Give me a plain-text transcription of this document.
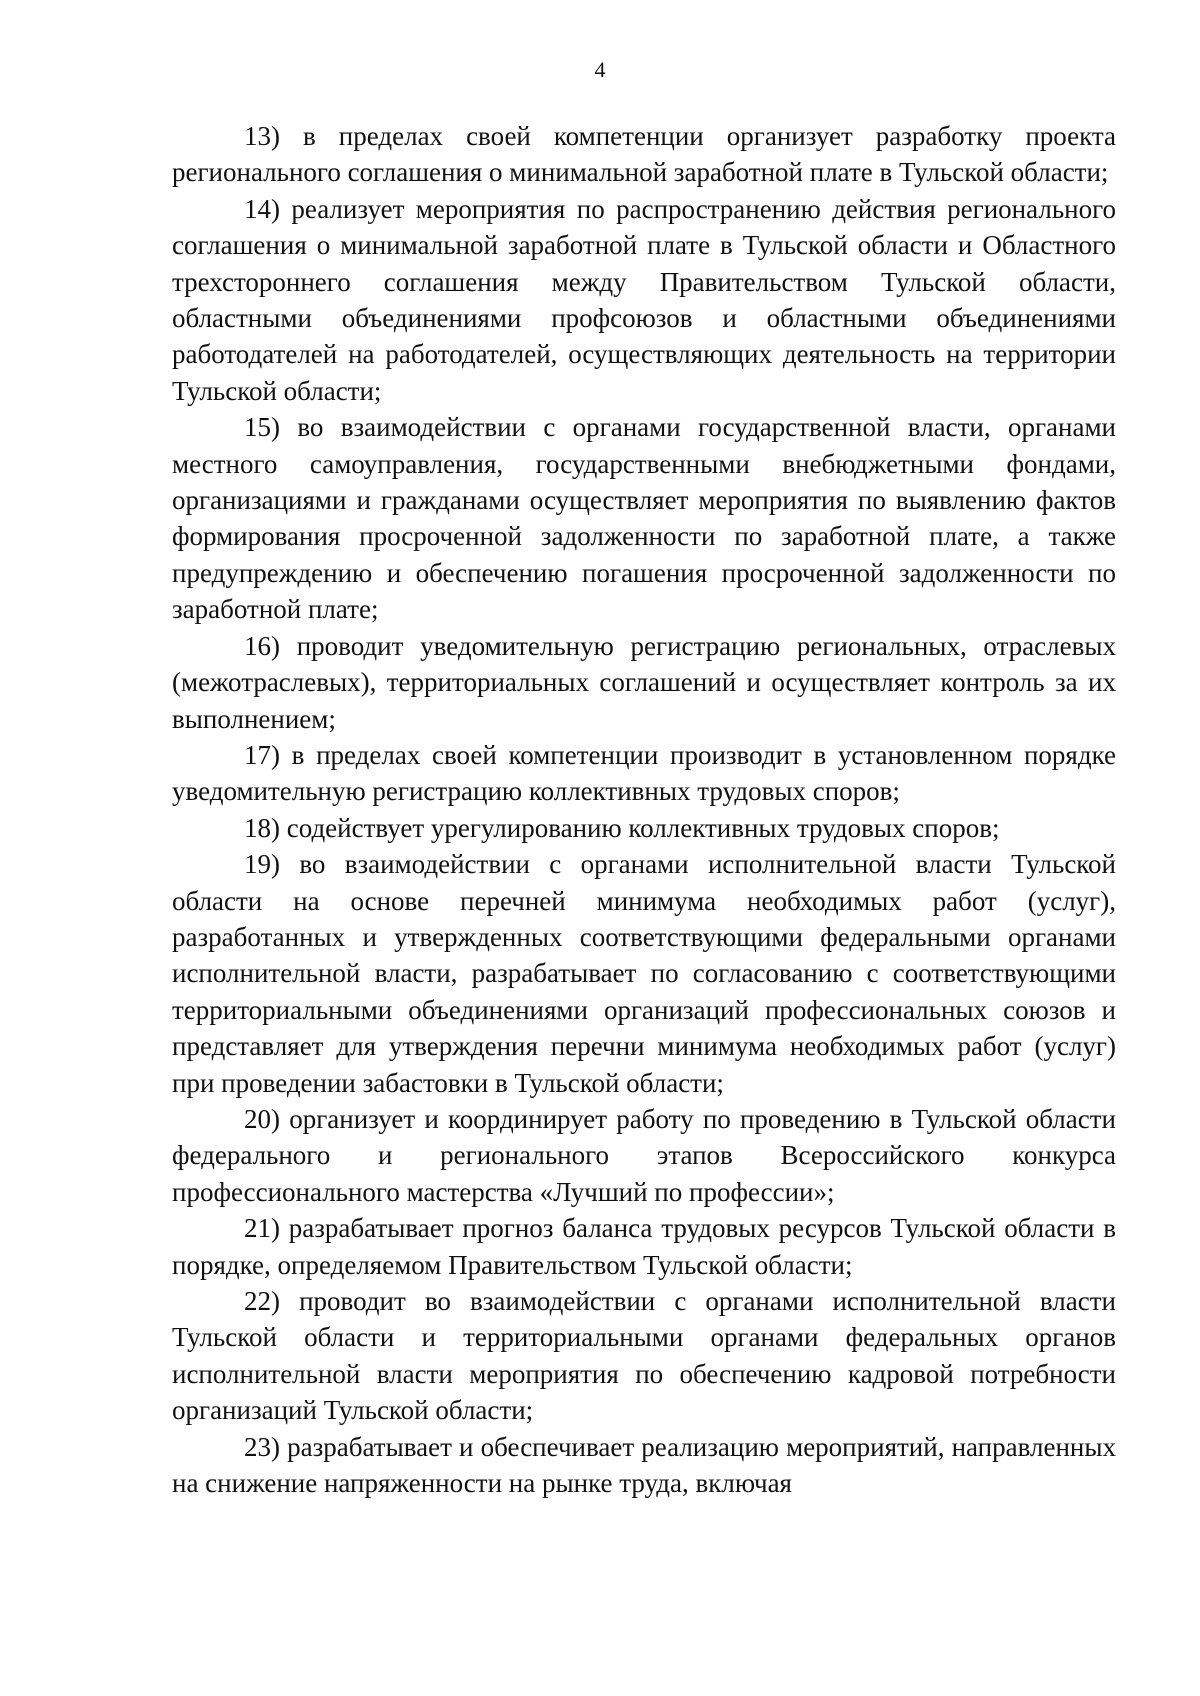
4

13) в пределах своей компетенции организует разработку проекта регионального соглашения о минимальной заработной плате в Тульской области;

14) реализует мероприятия по распространению действия регионального соглашения о минимальной заработной плате в Тульской области и Областного трехстороннего соглашения между Правительством Тульской области, областными объединениями профсоюзов и областными объединениями работодателей на работодателей, осуществляющих деятельность на территории Тульской области;

15) во взаимодействии с органами государственной власти, органами местного самоуправления, государственными внебюджетными фондами, организациями и гражданами осуществляет мероприятия по выявлению фактов формирования просроченной задолженности по заработной плате, а также предупреждению и обеспечению погашения просроченной задолженности по заработной плате;

16) проводит уведомительную регистрацию региональных, отраслевых (межотраслевых), территориальных соглашений и осуществляет контроль за их выполнением;

17) в пределах своей компетенции производит в установленном порядке уведомительную регистрацию коллективных трудовых споров;

18) содействует урегулированию коллективных трудовых споров;

19) во взаимодействии с органами исполнительной власти Тульской области на основе перечней минимума необходимых работ (услуг), разработанных и утвержденных соответствующими федеральными органами исполнительной власти, разрабатывает по согласованию с соответствующими территориальными объединениями организаций профессиональных союзов и представляет для утверждения перечни минимума необходимых работ (услуг) при проведении забастовки в Тульской области;

20) организует и координирует работу по проведению в Тульской области федерального и регионального этапов Всероссийского конкурса профессионального мастерства «Лучший по профессии»;

21) разрабатывает прогноз баланса трудовых ресурсов Тульской области в порядке, определяемом Правительством Тульской области;

22) проводит во взаимодействии с органами исполнительной власти Тульской области и территориальными органами федеральных органов исполнительной власти мероприятия по обеспечению кадровой потребности организаций Тульской области;

23) разрабатывает и обеспечивает реализацию мероприятий, направленных на снижение напряженности на рынке труда, включая
